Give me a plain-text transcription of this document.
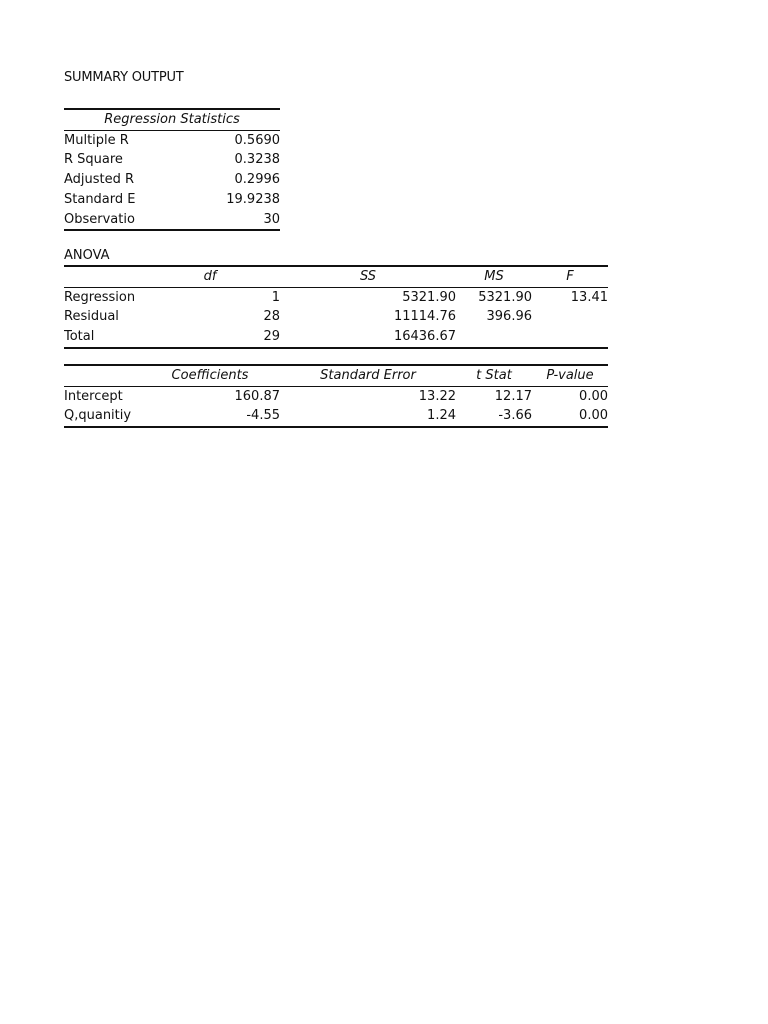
SUMMARY OUTPUT
Regression Statistics	
Multiple R	0.5690
R Square	0.3238
Adjusted R	0.2996
Standard E	19.9238
Observatio	30
ANOVA
	df	SS	MS	F
Regression	1	5321.90	5321.90	13.41
Residual	28	11114.76	396.96	
Total	29	16436.67		
	Coefficients	Standard Error	t Stat	P-value
Intercept	160.87	13.22	12.17	0.00
Q,quanitiy	-4.55	1.24	-3.66	0.00
